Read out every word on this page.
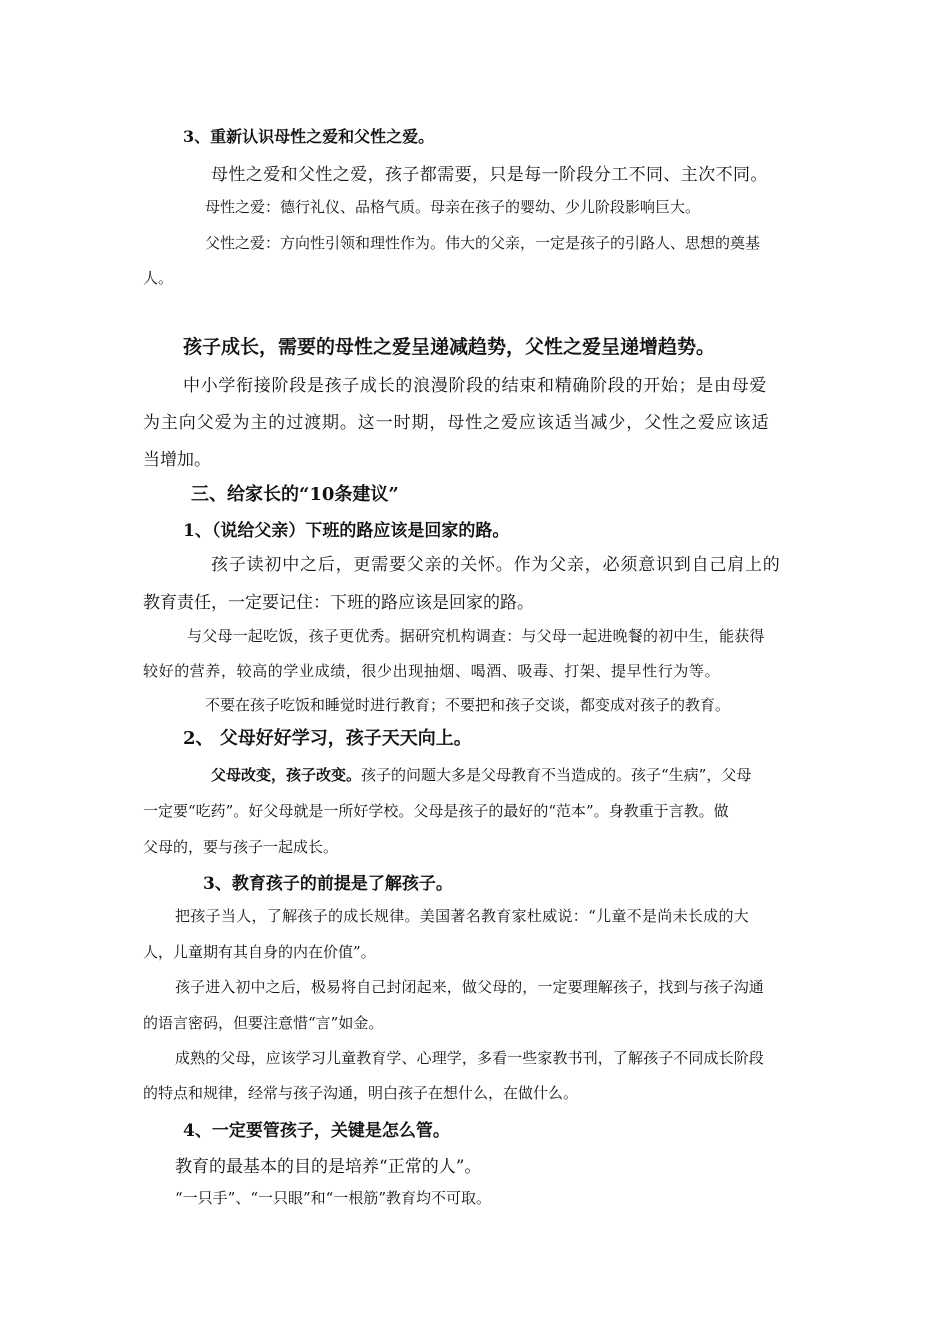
3、重新认识母性之爱和父性之爱。
母性之爱和父性之爱，孩子都需要，只是每一阶段分工不同、主次不同。
母性之爱：德行礼仪、品格气质。母亲在孩子的婴幼、少儿阶段影响巨大。
父性之爱：方向性引领和理性作为。伟大的父亲，一定是孩子的引路人、思想的奠基
人。
孩子成长，需要的母性之爱呈递减趋势，父性之爱呈递增趋势。
中小学衔接阶段是孩子成长的浪漫阶段的结束和精确阶段的开始；是由母爱
为主向父爱为主的过渡期。这一时期，母性之爱应该适当减少，父性之爱应该适
当增加。
三、给家长的“10条建议”
1、（说给父亲）下班的路应该是回家的路。
孩子读初中之后，更需要父亲的关怀。作为父亲，必须意识到自己肩上的
教育责任，一定要记住：下班的路应该是回家的路。
与父母一起吃饭，孩子更优秀。据研究机构调查：与父母一起进晚餐的初中生，能获得
较好的营养，较高的学业成绩，很少出现抽烟、喝酒、吸毒、打架、提早性行为等。
不要在孩子吃饭和睡觉时进行教育；不要把和孩子交谈，都变成对孩子的教育。
2、 父母好好学习，孩子天天向上。
父母改变，孩子改变。孩子的问题大多是父母教育不当造成的。孩子“生病”，父母
一定要“吃药”。好父母就是一所好学校。父母是孩子的最好的“范本”。身教重于言教。做
父母的，要与孩子一起成长。
3、教育孩子的前提是了解孩子。
把孩子当人，了解孩子的成长规律。美国著名教育家杜威说：“儿童不是尚未长成的大
人，儿童期有其自身的内在价值”。
孩子进入初中之后，极易将自己封闭起来，做父母的，一定要理解孩子，找到与孩子沟通
的语言密码，但要注意惜“言”如金。
成熟的父母，应该学习儿童教育学、心理学，多看一些家教书刊，了解孩子不同成长阶段
的特点和规律，经常与孩子沟通，明白孩子在想什么，在做什么。
4、一定要管孩子，关键是怎么管。
教育的最基本的目的是培养“正常的人”。
“一只手”、“一只眼”和“一根筋”教育均不可取。
